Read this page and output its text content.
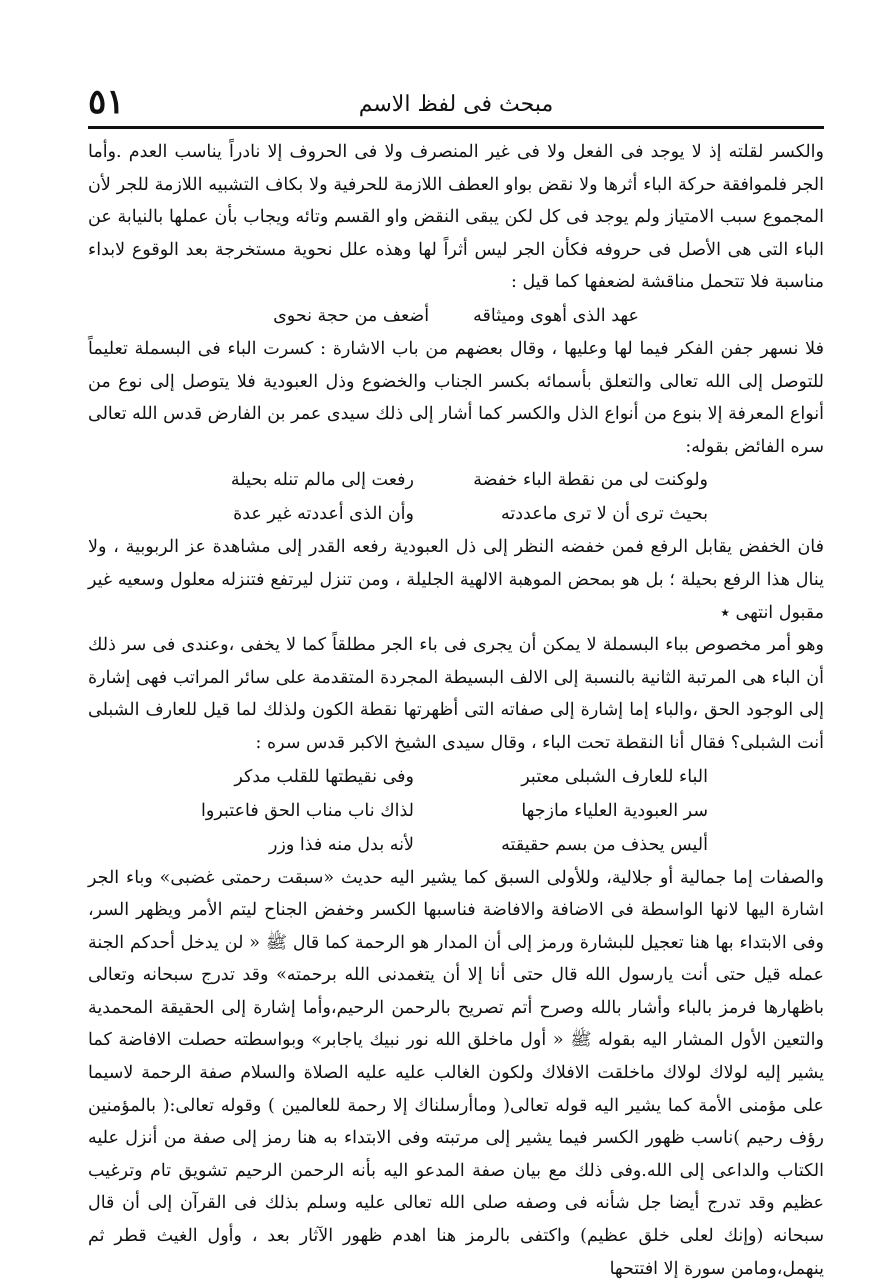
٥١	مبحث فى لفظ الاسم

والكسر لقلته إذ لا يوجد فى الفعل ولا فى غير المنصرف ولا فى الحروف إلا نادراً يناسب العدم .وأما الجر فلموافقة حركة الباء أثرها ولا نقض بواو العطف اللازمة للحرفية ولا بكاف التشبيه اللازمة للجر لأن المجموع سبب الامتياز ولم يوجد فى كل لكن يبقى النقض واو القسم وتائه ويجاب بأن عملها بالنيابة عن الباء التى هى الأصل فى حروفه فكأن الجر ليس أثراً لها وهذه علل نحوية مستخرجة بعد الوقوع لابداء مناسبة فلا تتحمل مناقشة لضعفها كما قيل :

عهد الذى أهوى وميثاقه
أضعف من حجة نحوى

فلا نسهر جفن الفكر فيما لها وعليها ، وقال بعضهم من باب الاشارة : كسرت الباء فى البسملة تعليماً للتوصل إلى الله تعالى والتعلق بأسمائه بكسر الجناب والخضوع وذل العبودية فلا يتوصل إلى نوع من أنواع المعرفة إلا بنوع من أنواع الذل والكسر كما أشار إلى ذلك سيدى عمر بن الفارض قدس الله تعالى سره الفائض بقوله:

ولوكنت لى من نقطة الباء خفضة
رفعت إلى مالم تنله بحيلة
بحيث ترى أن لا ترى ماعددته
وأن الذى أعددته غير عدة

فان الخفض يقابل الرفع فمن خفضه النظر إلى ذل العبودية رفعه القدر إلى مشاهدة عز الربوبية ، ولا ينال هذا الرفع بحيلة ؛ بل هو بمحض الموهبة الالهية الجليلة ، ومن تنزل ليرتفع فتنزله معلول وسعيه غير مقبول انتهى ٭

وهو أمر مخصوص بباء البسملة لا يمكن أن يجرى فى باء الجر مطلقاً كما لا يخفى ،وعندى فى سر ذلك أن الباء هى المرتبة الثانية بالنسبة إلى الالف البسيطة المجردة المتقدمة على سائر المراتب فهى إشارة إلى الوجود الحق ،والباء إما إشارة إلى صفاته التى أظهرتها نقطة الكون ولذلك لما قيل للعارف الشبلى أنت الشبلى؟ فقال أنا النقطة تحت الباء ، وقال سيدى الشيخ الاكبر قدس سره :

الباء للعارف الشبلى معتبر
وفى نقيطتها للقلب مدكر
سر العبودية العلياء مازجها
لذاك ناب مناب الحق فاعتبروا
أليس يحذف من بسم حقيقته
لأنه بدل منه فذا وزر

والصفات إما جمالية أو جلالية، وللأولى السبق كما يشير اليه حديث «سبقت رحمتى غضبى» وباء الجر اشارة اليها لانها الواسطة فى الاضافة والافاضة فناسبها الكسر وخفض الجناح ليتم الأمر ويظهر السر، وفى الابتداء بها هنا تعجيل للبشارة ورمز إلى أن المدار هو الرحمة كما قال ﷺ « لن يدخل أحدكم الجنة عمله قيل حتى أنت يارسول الله قال حتى أنا إلا أن يتغمدنى الله برحمته» وقد تدرج سبحانه وتعالى باظهارها فرمز بالباء وأشار بالله وصرح أتم تصريح بالرحمن الرحيم،وأما إشارة إلى الحقيقة المحمدية والتعين الأول المشار اليه بقوله ﷺ « أول ماخلق الله نور نبيك ياجابر» وبواسطته حصلت الافاضة كما يشير إليه لولاك لولاك ماخلقت الافلاك ولكون الغالب عليه عليه الصلاة والسلام صفة الرحمة لاسيما على مؤمنى الأمة كما يشير اليه قوله تعالى( وماأرسلناك إلا رحمة للعالمين ) وقوله تعالى:( بالمؤمنين رؤف رحيم )ناسب ظهور الكسر فيما يشير إلى مرتبته وفى الابتداء به هنا رمز إلى صفة من أنزل عليه الكتاب والداعى إلى الله.وفى ذلك مع بيان صفة المدعو اليه بأنه الرحمن الرحيم تشويق تام وترغيب عظيم وقد تدرج أيضا جل شأنه فى وصفه صلى الله تعالى عليه وسلم بذلك فى القرآن إلى أن قال سبحانه (وإنك لعلى خلق عظيم) واكتفى بالرمز هنا اهدم ظهور الآثار بعد ، وأول الغيث قطر ثم ينهمل،ومامن سورة إلا افتتحها
